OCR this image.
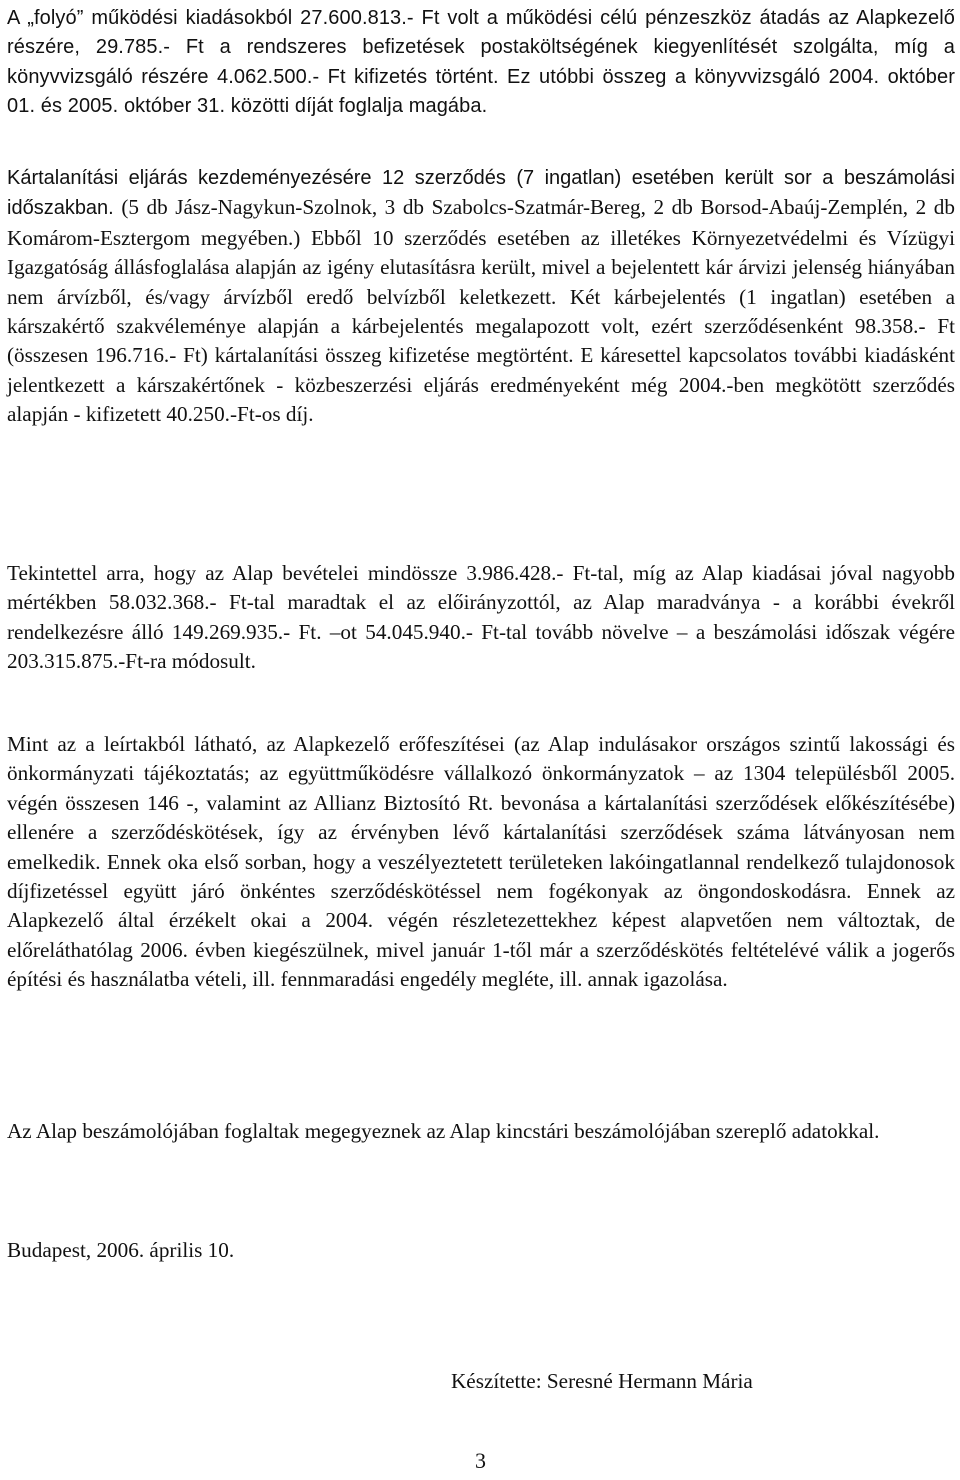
A „folyó” működési kiadásokból 27.600.813.- Ft volt a működési célú pénzeszköz átadás az Alapkezelő részére, 29.785.- Ft a rendszeres befizetések postaköltségének kiegyenlítését szolgálta, míg a könyvvizsgáló részére 4.062.500.- Ft kifizetés történt. Ez utóbbi összeg a könyvvizsgáló 2004. október 01. és 2005. október 31. közötti díját foglalja magába.

Kártalanítási eljárás kezdeményezésére 12 szerződés (7 ingatlan) esetében került sor a beszámolási időszakban. (5 db Jász-Nagykun-Szolnok, 3 db Szabolcs-Szatmár-Bereg, 2 db Borsod-Abaúj-Zemplén, 2 db Komárom-Esztergom megyében.) Ebből 10 szerződés esetében az illetékes Környezetvédelmi és Vízügyi Igazgatóság állásfoglalása alapján az igény elutasításra került, mivel a bejelentett kár árvizi jelenség hiányában nem árvízből, és/vagy árvízből eredő belvízből keletkezett. Két kárbejelentés (1 ingatlan) esetében a kárszakértő szakvéleménye alapján a kárbejelentés megalapozott volt, ezért szerződésenként 98.358.- Ft (összesen 196.716.- Ft) kártalanítási összeg kifizetése megtörtént. E káresettel kapcsolatos további kiadásként jelentkezett a kárszakértőnek - közbeszerzési eljárás eredményeként még 2004.-ben megkötött szerződés alapján - kifizetett 40.250.-Ft-os díj.

Tekintettel arra, hogy az Alap bevételei mindössze 3.986.428.- Ft-tal, míg az Alap kiadásai jóval nagyobb mértékben 58.032.368.- Ft-tal maradtak el az előirányzottól, az Alap maradványa - a korábbi évekről rendelkezésre álló 149.269.935.- Ft. –ot 54.045.940.- Ft-tal tovább növelve – a beszámolási időszak végére 203.315.875.-Ft-ra módosult.

Mint az a leírtakból látható, az Alapkezelő erőfeszítései (az Alap indulásakor országos szintű lakossági és önkormányzati tájékoztatás; az együttműködésre vállalkozó önkormányzatok – az 1304 településből 2005. végén összesen 146 -, valamint az Allianz Biztosító Rt. bevonása a kártalanítási szerződések előkészítésébe) ellenére a szerződéskötések, így az érvényben lévő kártalanítási szerződések száma látványosan nem emelkedik. Ennek oka első sorban, hogy a veszélyeztetett területeken lakóingatlannal rendelkező tulajdonosok díjfizetéssel együtt járó önkéntes szerződéskötéssel nem fogékonyak az öngondoskodásra. Ennek az Alapkezelő által érzékelt okai a 2004. végén részletezettekhez képest alapvetően nem változtak, de előreláthatólag 2006. évben kiegészülnek, mivel január 1-től már a szerződéskötés feltételévé válik a jogerős építési és használatba vételi, ill. fennmaradási engedély megléte, ill. annak igazolása.

Az Alap beszámolójában foglaltak megegyeznek az Alap kincstári beszámolójában szereplő adatokkal.

Budapest, 2006. április 10.

Készítette: Seresné Hermann Mária

3
